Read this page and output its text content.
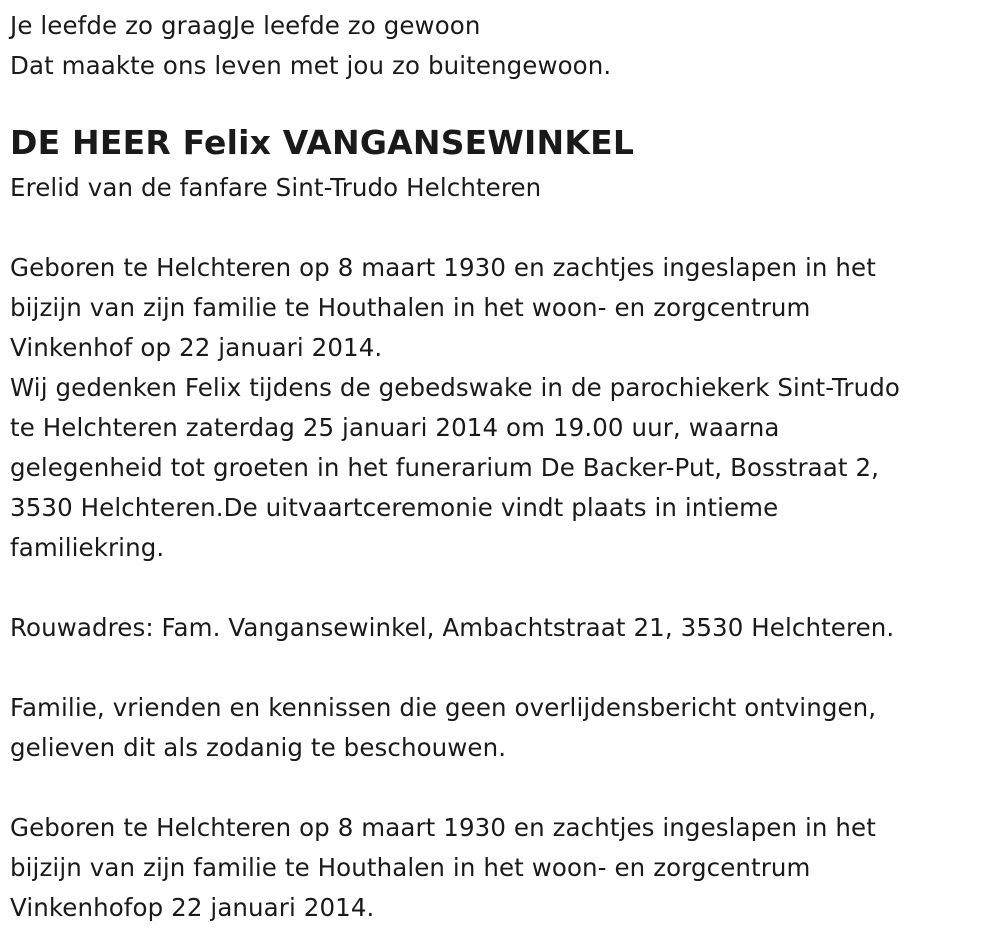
Je leefde zo graagJe leefde zo gewoon
Dat maakte ons leven met jou zo buitengewoon.
DE HEER Felix VANGANSEWINKEL
Erelid van de fanfare Sint-Trudo Helchteren
Geboren te Helchteren op 8 maart 1930 en zachtjes ingeslapen in het
bijzijn van zijn familie te Houthalen in het woon- en zorgcentrum
Vinkenhof op 22 januari 2014.
Wij gedenken Felix tijdens de gebedswake in de parochiekerk Sint-Trudo
te Helchteren zaterdag 25 januari 2014 om 19.00 uur, waarna
gelegenheid tot groeten in het funerarium De Backer-Put, Bosstraat 2,
3530 Helchteren.De uitvaartceremonie vindt plaats in intieme
familiekring.
Rouwadres: Fam. Vangansewinkel, Ambachtstraat 21, 3530 Helchteren.
Familie, vrienden en kennissen die geen overlijdensbericht ontvingen,
gelieven dit als zodanig te beschouwen.
Geboren te Helchteren op 8 maart 1930 en zachtjes ingeslapen in het
bijzijn van zijn familie te Houthalen in het woon- en zorgcentrum
Vinkenhofop 22 januari 2014.
